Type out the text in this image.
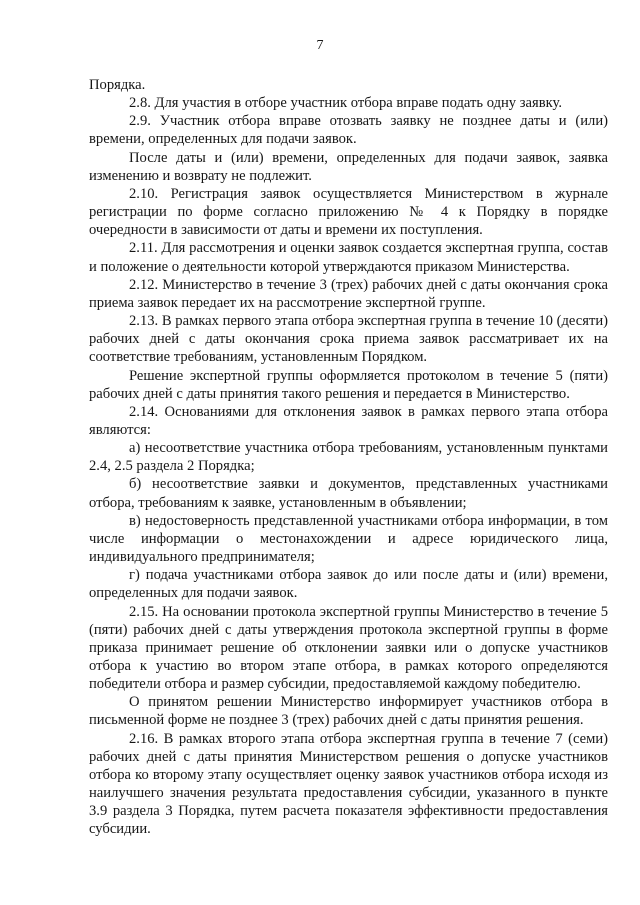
7

Порядка.

2.8. Для участия в отборе участник отбора вправе подать одну заявку.

2.9. Участник отбора вправе отозвать заявку не позднее даты и (или) времени, определенных для подачи заявок.

После даты и (или) времени, определенных для подачи заявок, заявка изменению и возврату не подлежит.

2.10. Регистрация заявок осуществляется Министерством в журнале регистрации по форме согласно приложению № 4 к Порядку в порядке очередности в зависимости от даты и времени их поступления.

2.11. Для рассмотрения и оценки заявок создается экспертная группа, состав и положение о деятельности которой утверждаются приказом Министерства.

2.12. Министерство в течение 3 (трех) рабочих дней с даты окончания срока приема заявок передает их на рассмотрение экспертной группе.

2.13. В рамках первого этапа отбора экспертная группа в течение 10 (десяти) рабочих дней с даты окончания срока приема заявок рассматривает их на соответствие требованиям, установленным Порядком.

Решение экспертной группы оформляется протоколом в течение 5 (пяти) рабочих дней с даты принятия такого решения и передается в Министерство.

2.14. Основаниями для отклонения заявок в рамках первого этапа отбора являются:

а) несоответствие участника отбора требованиям, установленным пунктами 2.4, 2.5 раздела 2 Порядка;

б) несоответствие заявки и документов, представленных участниками отбора, требованиям к заявке, установленным в объявлении;

в) недостоверность представленной участниками отбора информации, в том числе информации о местонахождении и адресе юридического лица, индивидуального предпринимателя;

г) подача участниками отбора заявок до или после даты и (или) времени, определенных для подачи заявок.

2.15. На основании протокола экспертной группы Министерство в течение 5 (пяти) рабочих дней с даты утверждения протокола экспертной группы в форме приказа принимает решение об отклонении заявки или о допуске участников отбора к участию во втором этапе отбора, в рамках которого определяются победители отбора и размер субсидии, предоставляемой каждому победителю.

О принятом решении Министерство информирует участников отбора в письменной форме не позднее 3 (трех) рабочих дней с даты принятия решения.

2.16. В рамках второго этапа отбора экспертная группа в течение 7 (семи) рабочих дней с даты принятия Министерством решения о допуске участников отбора ко второму этапу осуществляет оценку заявок участников отбора исходя из наилучшего значения результата предоставления субсидии, указанного в пункте 3.9 раздела 3 Порядка, путем расчета показателя эффективности предоставления субсидии.
